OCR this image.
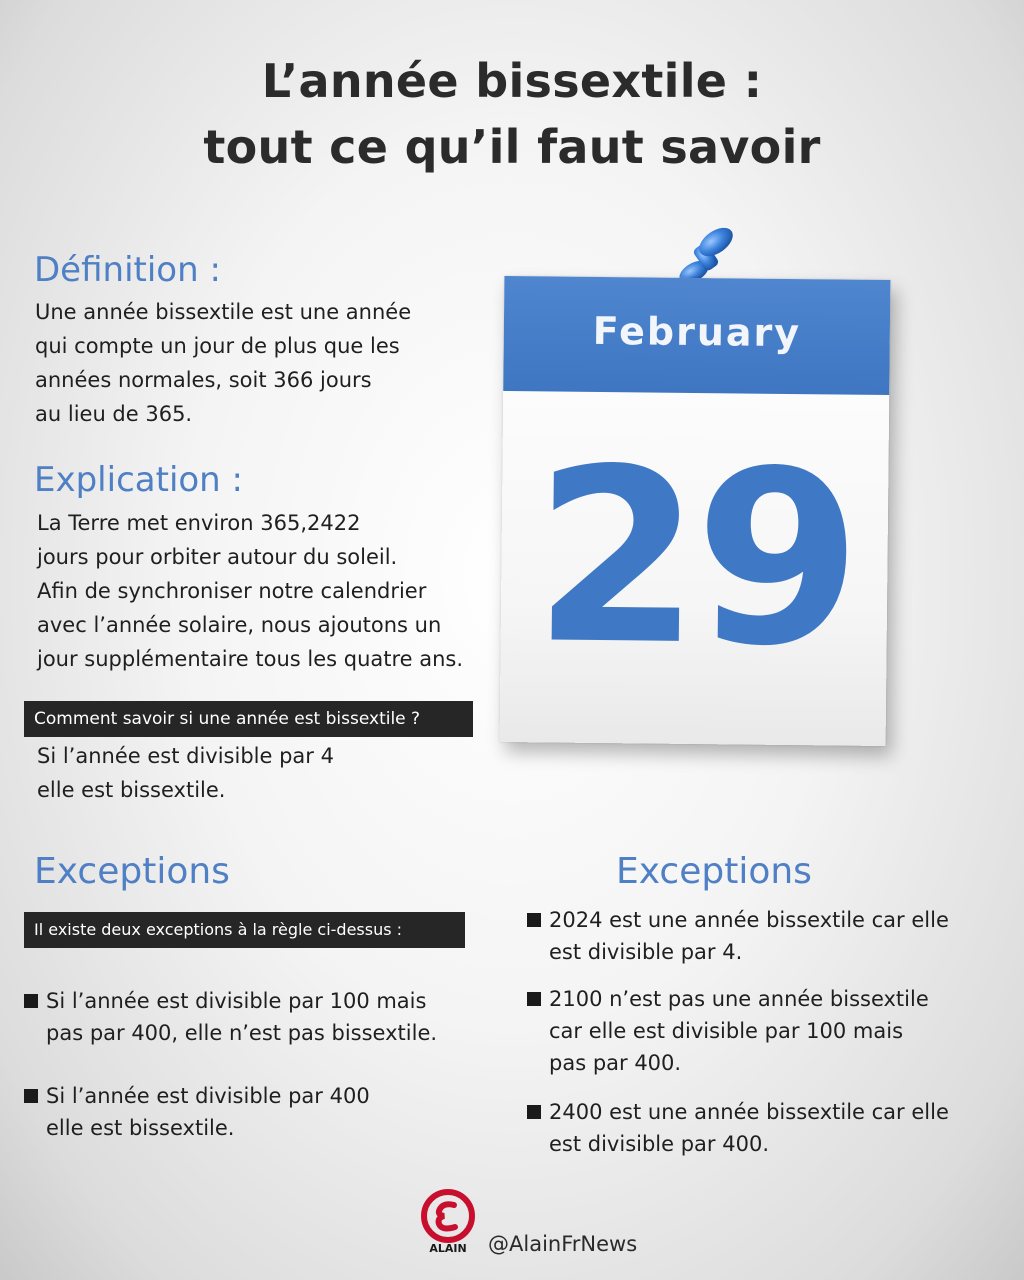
L’année bissextile :
tout ce qu’il faut savoir
Définition :
Une année bissextile est une année
qui compte un jour de plus que les
années normales, soit 366 jours
au lieu de 365.
Explication :
La Terre met environ 365,2422
jours pour orbiter autour du soleil.
Afin de synchroniser notre calendrier
avec l’année solaire, nous ajoutons un
jour supplémentaire tous les quatre ans.
Comment savoir si une année est bissextile ?
Si l’année est divisible par 4
elle est bissextile.
February
29
Exceptions
Il existe deux exceptions à la règle ci-dessus :
Si l’année est divisible par 100 mais
pas par 400, elle n’est pas bissextile.
Si l’année est divisible par 400
elle est bissextile.
Exceptions
2024 est une année bissextile car elle
est divisible par 4.
2100 n’est pas une année bissextile
car elle est divisible par 100 mais
pas par 400.
2400 est une année bissextile car elle
est divisible par 400.
ALAIN	@AlainFrNews
